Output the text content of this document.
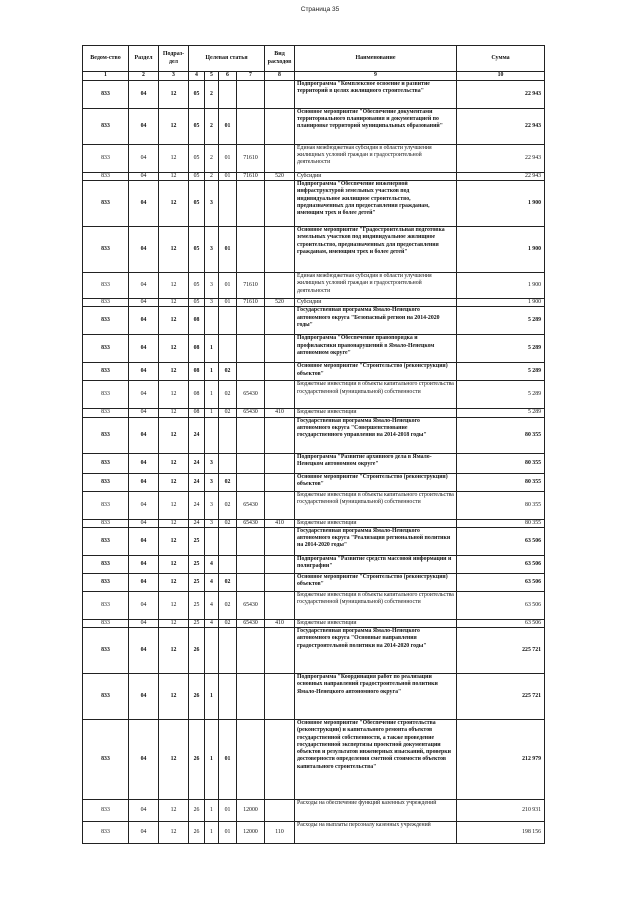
Страница 35
Ведом-ство	Раздел	Подраз-дел	Целевая статья				Вид расходов	Наименование	Сумма
1	2	3	4	5	6	7	8	9	10
833	04	12	05	2				Подпрограмма "Комплексное освоение и развитие территорий в целях жилищного строительства"	22 943
833	04	12	05	2	01			Основное мероприятие "Обеспечение документами территориального планирования и документацией по планировке территорий муниципальных образований"	22 943
833	04	12	05	2	01	71610		Единая межбюджетная субсидия в области улучшения жилищных условий граждан и градостроительной деятельности	22 943
833	04	12	05	2	01	71610	520	Субсидии	22 943
833	04	12	05	3				Подпрограмма "Обеспечение инженерной инфраструктурой земельных участков под индивидуальное жилищное строительство, предназначенных для предоставления гражданам, имеющим трех и более детей"	1 900
833	04	12	05	3	01			Основное мероприятие "Градостроительная подготовка земельных участков под индивидуальное жилищное строительство, предназначенных для предоставления гражданам, имеющим трех и более детей"	1 900
833	04	12	05	3	01	71610		Единая межбюджетная субсидия в области улучшения жилищных условий граждан и градостроительной деятельности	1 900
833	04	12	05	3	01	71610	520	Субсидии	1 900
833	04	12	08					Государственная программа Ямало-Ненецкого автономного округа "Безопасный регион на 2014-2020 годы"	5 289
833	04	12	08	1				Подпрограмма "Обеспечение правопорядка и профилактики правонарушений в Ямало-Ненецком автономном округе"	5 289
833	04	12	08	1	02			Основное мероприятие "Строительство (реконструкция) объектов"	5 289
833	04	12	08	1	02	65430		Бюджетные инвестиции в объекты капитального строительства государственной (муниципальной) собственности	5 289
833	04	12	08	1	02	65430	410	Бюджетные инвестиции	5 289
833	04	12	24					Государственная программа Ямало-Ненецкого автономного округа "Совершенствование государственного управления на 2014-2018 годы"	80 355
833	04	12	24	3				Подпрограмма "Развитие архивного дела в Ямало-Ненецком автономном округе"	80 355
833	04	12	24	3	02			Основное мероприятие "Строительство (реконструкция) объектов"	80 355
833	04	12	24	3	02	65430		Бюджетные инвестиции в объекты капитального строительства государственной (муниципальной) собственности	80 355
833	04	12	24	3	02	65430	410	Бюджетные инвестиции	80 355
833	04	12	25					Государственная программа Ямало-Ненецкого автономного округа "Реализация региональной политики на 2014-2020 годы"	63 506
833	04	12	25	4				Подпрограмма "Развитие средств массовой информации и полиграфии"	63 506
833	04	12	25	4	02			Основное мероприятие "Строительство (реконструкция) объектов"	63 506
833	04	12	25	4	02	65430		Бюджетные инвестиции в объекты капитального строительства государственной (муниципальной) собственности	63 506
833	04	12	25	4	02	65430	410	Бюджетные инвестиции	63 506
833	04	12	26					Государственная программа Ямало-Ненецкого автономного округа "Основные направления градостроительной политики на 2014-2020 годы"	225 721
833	04	12	26	1				Подпрограмма "Координация работ по реализации основных направлений градостроительной политики Ямало-Ненецкого автономного округа"	225 721
833	04	12	26	1	01			Основное мероприятие "Обеспечение строительства (реконструкции) и капитального ремонта объектов государственной собственности, а также проведение государственной экспертизы проектной документации объектов и результатов инженерных изысканий, проверки достоверности определения сметной стоимости объектов капитального строительства"	212 979
833	04	12	26	1	01	12000		Расходы на обеспечение функций казенных учреждений	210 931
833	04	12	26	1	01	12000	110	Расходы на выплаты персоналу казенных учреждений	198 156
